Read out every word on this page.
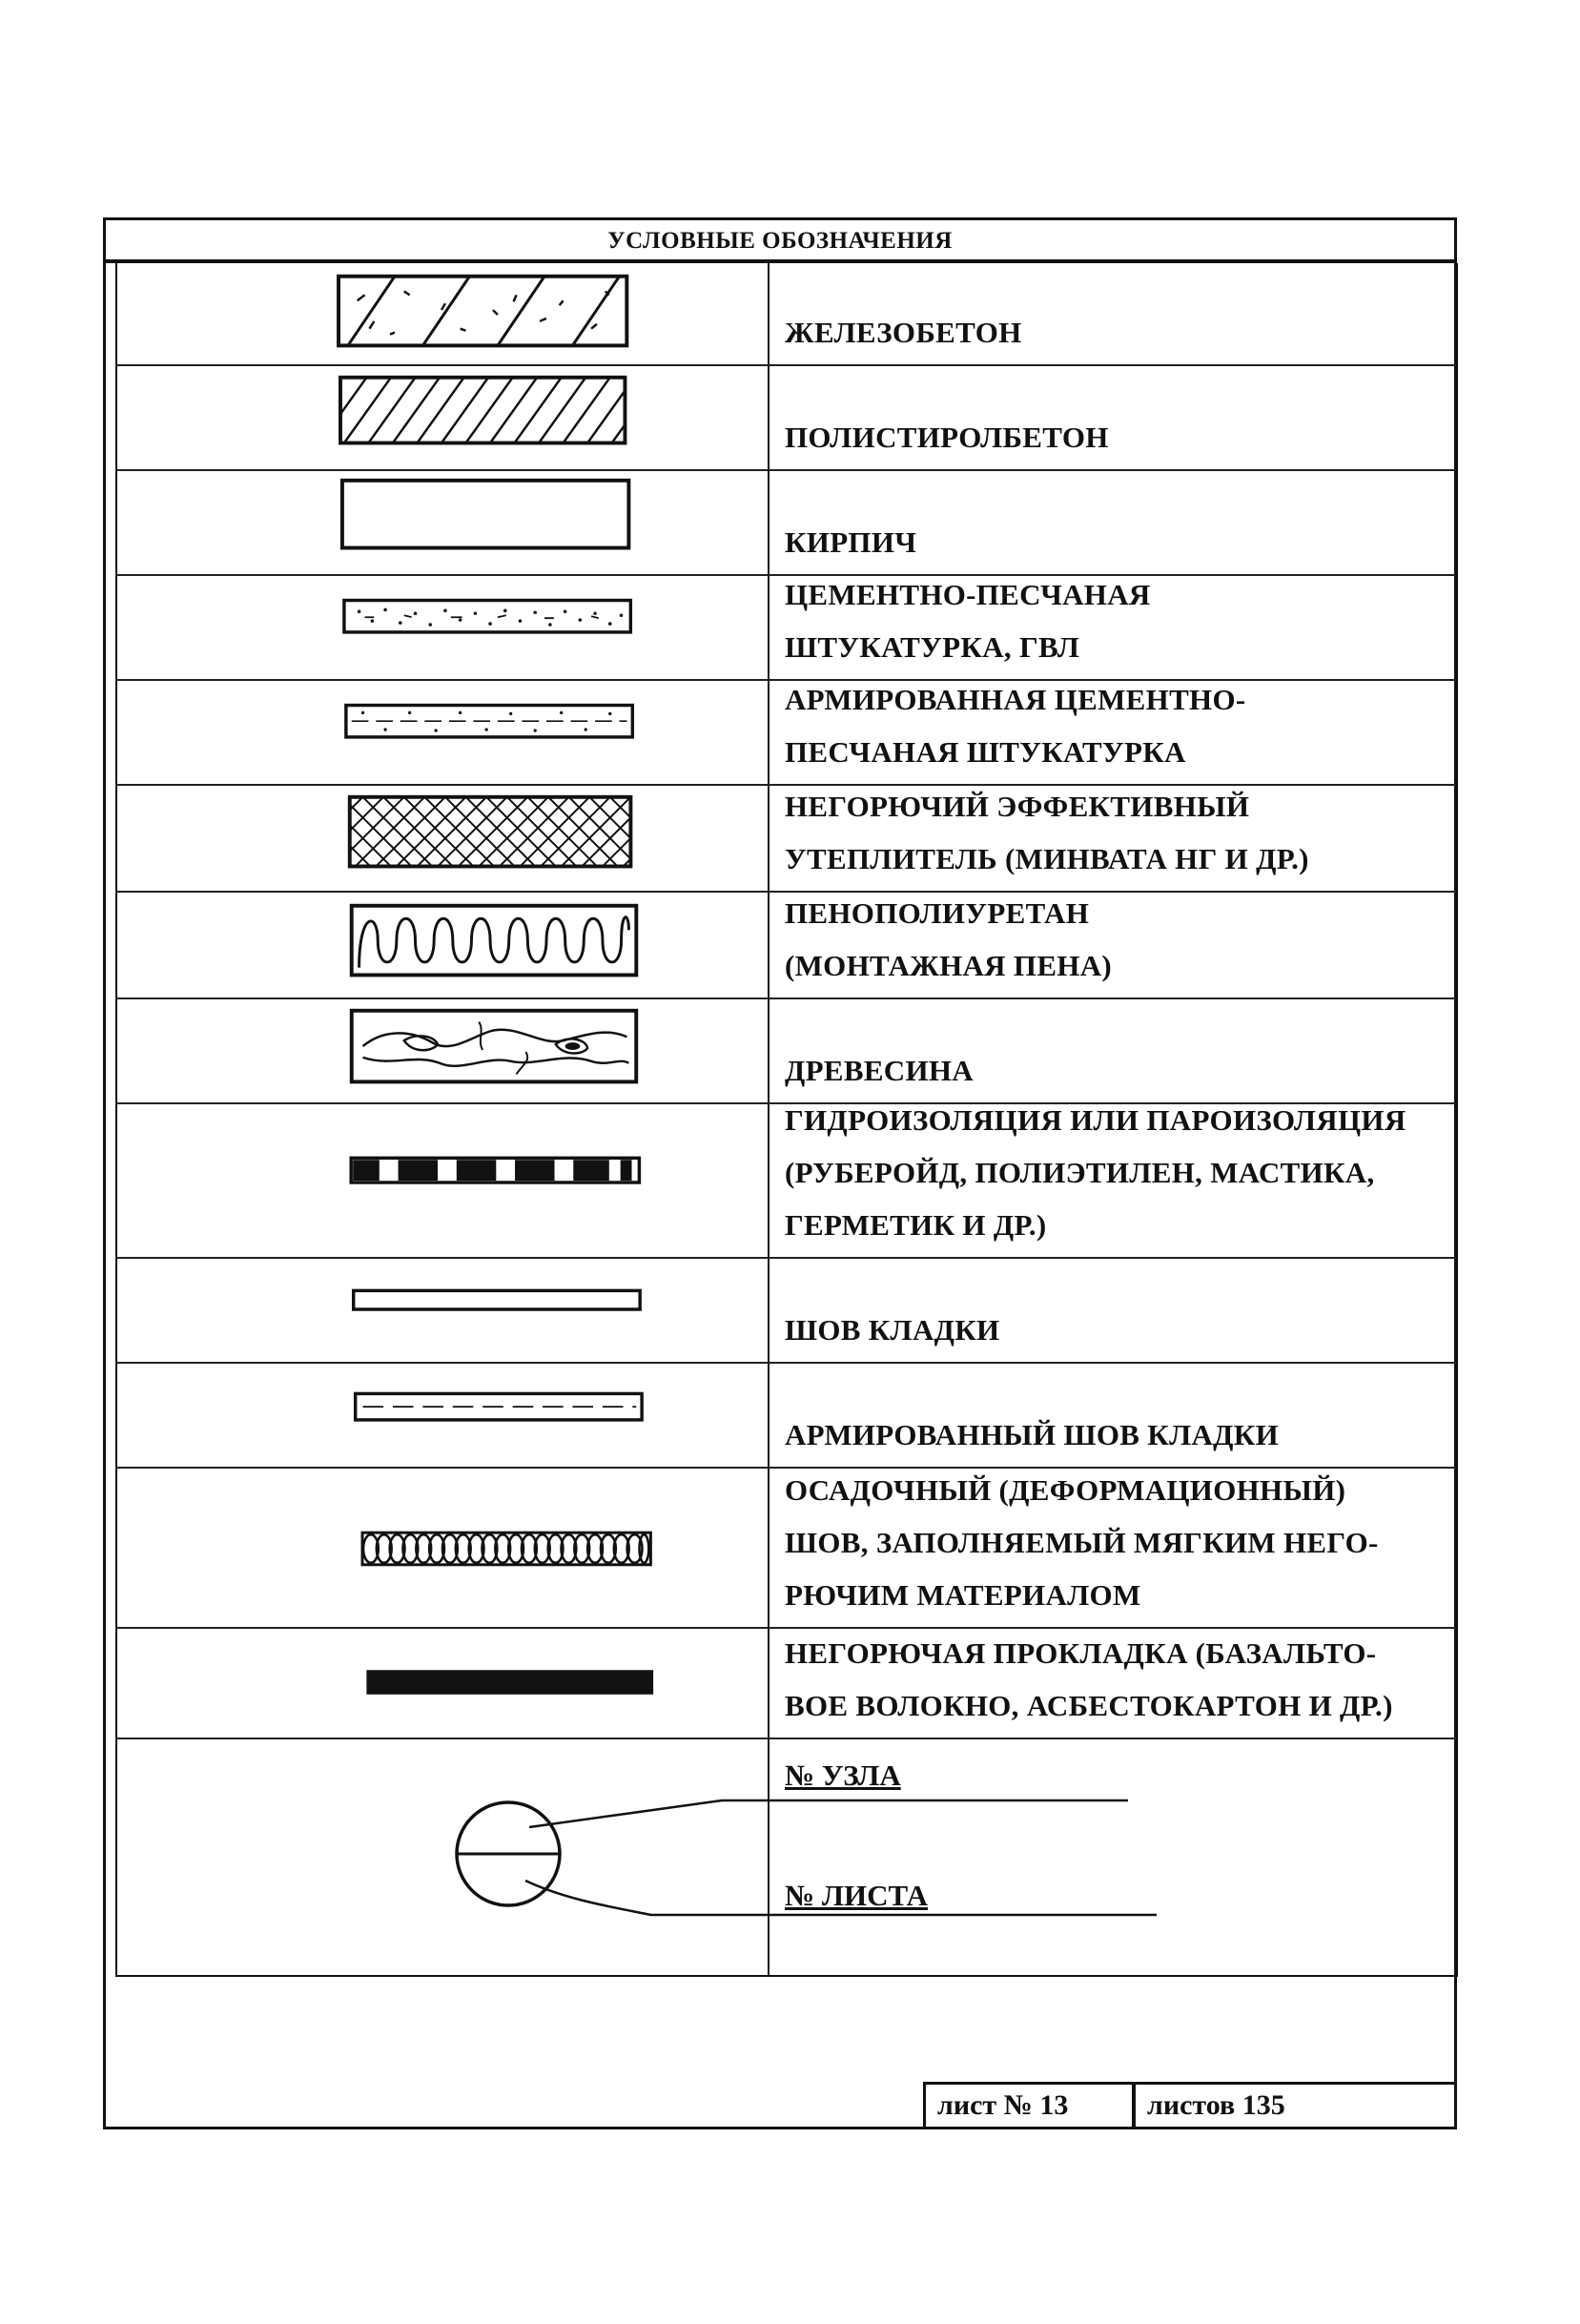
УСЛОВНЫЕ ОБОЗНАЧЕНИЯ
ЖЕЛЕЗОБЕТОН
ПОЛИСТИРОЛБЕТОН
КИРПИЧ
ЦЕМЕНТНО-ПЕСЧАНАЯ
ШТУКАТУРКА, ГВЛ
АРМИРОВАННАЯ ЦЕМЕНТНО-
ПЕСЧАНАЯ ШТУКАТУРКА
НЕГОРЮЧИЙ ЭФФЕКТИВНЫЙ
УТЕПЛИТЕЛЬ (МИНВАТА НГ И ДР.)
ПЕНОПОЛИУРЕТАН
(МОНТАЖНАЯ ПЕНА)
ДРЕВЕСИНА
ГИДРОИЗОЛЯЦИЯ ИЛИ ПАРОИЗОЛЯЦИЯ
(РУБЕРОЙД, ПОЛИЭТИЛЕН, МАСТИКА,
ГЕРМЕТИК И ДР.)
ШОВ КЛАДКИ
АРМИРОВАННЫЙ ШОВ КЛАДКИ
ОСАДОЧНЫЙ (ДЕФОРМАЦИОННЫЙ)
ШОВ, ЗАПОЛНЯЕМЫЙ МЯГКИМ НЕГО-
РЮЧИМ МАТЕРИАЛОМ
НЕГОРЮЧАЯ ПРОКЛАДКА (БАЗАЛЬТО-
ВОЕ ВОЛОКНО, АСБЕСТОКАРТОН И ДР.)
№ УЗЛА
№ ЛИСТА
лист № 13	листов 135
